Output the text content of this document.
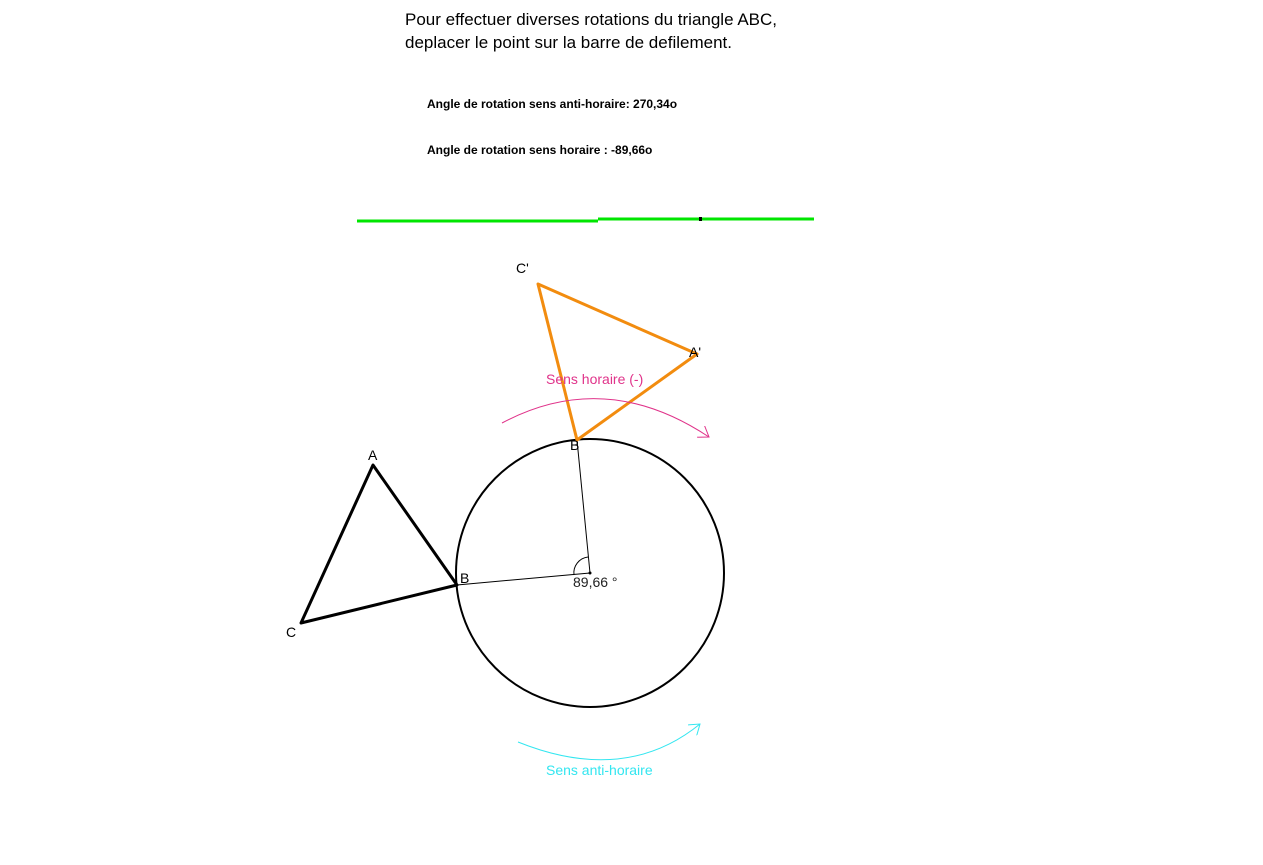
Pour effectuer diverses rotations du triangle ABC,
deplacer le point sur la barre de defilement.

Angle de rotation sens anti-horaire: 270,34o
Angle de rotation sens horaire : -89,66o
A
B
C
A'
B
C'
89,66 °
Sens horaire (-)
Sens anti-horaire
